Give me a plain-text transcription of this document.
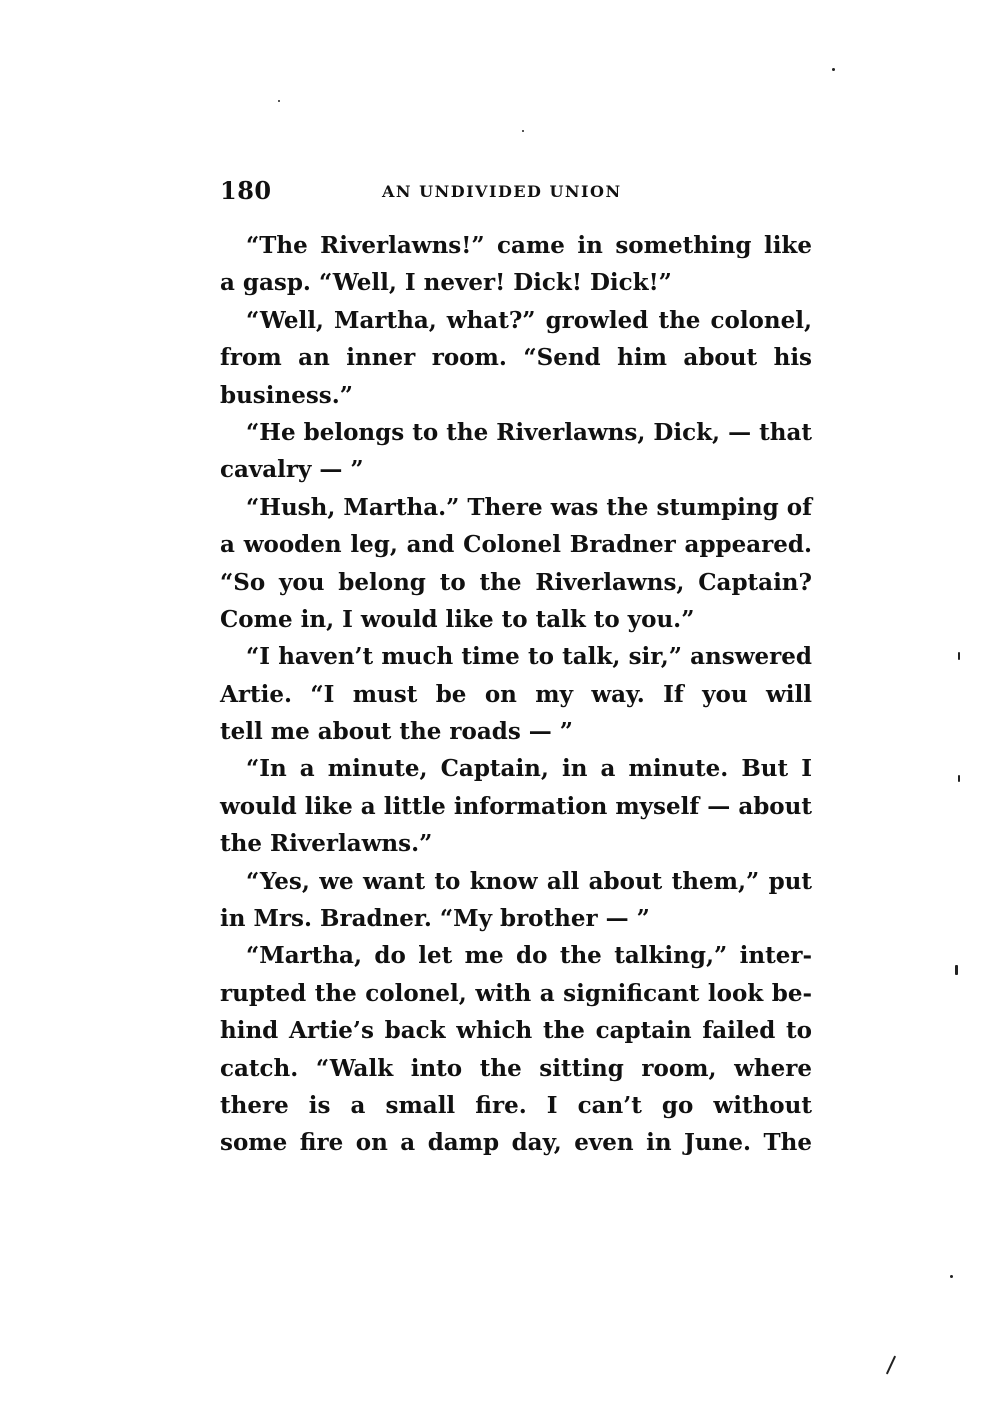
180	AN UNDIVIDED UNION
“The Riverlawns!” came in something like
a gasp. “Well, I never! Dick! Dick!”
“Well, Martha, what?” growled the colonel,
from an inner room. “Send him about his
business.”
“He belongs to the Riverlawns, Dick, — that
cavalry — ”
“Hush, Martha.” There was the stumping of
a wooden leg, and Colonel Bradner appeared.
“So you belong to the Riverlawns, Captain?
Come in, I would like to talk to you.”
“I haven’t much time to talk, sir,” answered
Artie. “I must be on my way. If you will
tell me about the roads — ”
“In a minute, Captain, in a minute. But I
would like a little information myself — about
the Riverlawns.”
“Yes, we want to know all about them,” put
in Mrs. Bradner. “My brother — ”
“Martha, do let me do the talking,” inter-
rupted the colonel, with a significant look be-
hind Artie’s back which the captain failed to
catch. “Walk into the sitting room, where
there is a small fire. I can’t go without
some fire on a damp day, even in June. The
